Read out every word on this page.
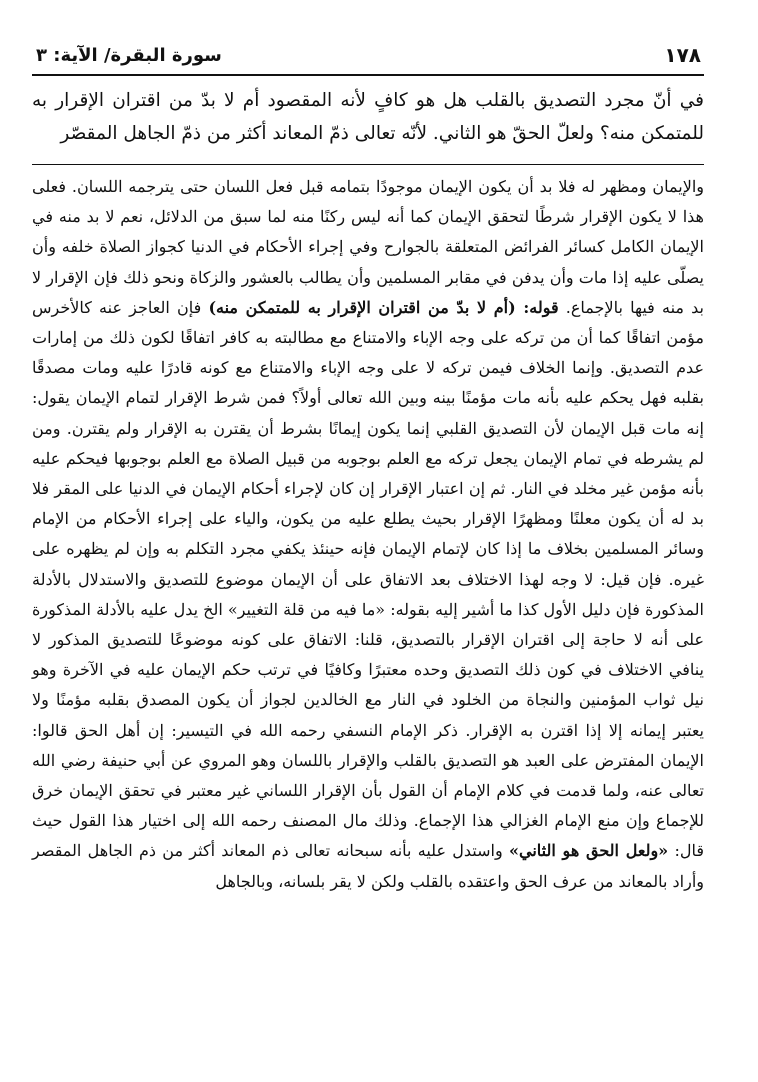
١٧٨
سورة البقرة/ الآية: ٣

في أنّ مجرد التصديق بالقلب هل هو كافٍ لأنه المقصود أم لا بدّ من اقتران الإقرار به للمتمكن منه؟ ولعلّ الحقّ هو الثاني. لأنّه تعالى ذمّ المعاند أكثر من ذمّ الجاهل المقصّر

والإيمان ومظهر له فلا بد أن يكون الإيمان موجودًا بتمامه قبل فعل اللسان حتى يترجمه اللسان. فعلى هذا لا يكون الإقرار شرطًا لتحقق الإيمان كما أنه ليس ركنًا منه لما سبق من الدلائل، نعم لا بد منه في الإيمان الكامل كسائر الفرائض المتعلقة بالجوارح وفي إجراء الأحكام في الدنيا كجواز الصلاة خلفه وأن يصلّى عليه إذا مات وأن يدفن في مقابر المسلمين وأن يطالب بالعشور والزكاة ونحو ذلك فإن الإقرار لا بد منه فيها بالإجماع. قوله: (أم لا بدّ من اقتران الإقرار به للمتمكن منه) فإن العاجز عنه كالأخرس مؤمن اتفاقًا كما أن من تركه على وجه الإباء والامتناع مع مطالبته به كافر اتفاقًا لكون ذلك من إمارات عدم التصديق. وإنما الخلاف فيمن تركه لا على وجه الإباء والامتناع مع كونه قادرًا عليه ومات مصدقًا بقلبه فهل يحكم عليه بأنه مات مؤمنًا بينه وبين الله تعالى أولاً؟ فمن شرط الإقرار لتمام الإيمان يقول: إنه مات قبل الإيمان لأن التصديق القلبي إنما يكون إيمانًا بشرط أن يقترن به الإقرار ولم يقترن. ومن لم يشرطه في تمام الإيمان يجعل تركه مع العلم بوجوبه من قبيل الصلاة مع العلم بوجوبها فيحكم عليه بأنه مؤمن غير مخلد في النار. ثم إن اعتبار الإقرار إن كان لإجراء أحكام الإيمان في الدنيا على المقر فلا بد له أن يكون معلنًا ومظهرًا الإقرار بحيث يطلع عليه من يكون، والياء على إجراء الأحكام من الإمام وسائر المسلمين بخلاف ما إذا كان لإتمام الإيمان فإنه حينئذ يكفي مجرد التكلم به وإن لم يظهره على غيره. فإن قيل: لا وجه لهذا الاختلاف بعد الاتفاق على أن الإيمان موضوع للتصديق والاستدلال بالأدلة المذكورة فإن دليل الأول كذا ما أشير إليه بقوله: «ما فيه من قلة التغيير» الخ يدل عليه بالأدلة المذكورة على أنه لا حاجة إلى اقتران الإقرار بالتصديق، قلنا: الاتفاق على كونه موضوعًا للتصديق المذكور لا ينافي الاختلاف في كون ذلك التصديق وحده معتبرًا وكافيًا في ترتب حكم الإيمان عليه في الآخرة وهو نيل ثواب المؤمنين والنجاة من الخلود في النار مع الخالدين لجواز أن يكون المصدق بقلبه مؤمنًا ولا يعتبر إيمانه إلا إذا اقترن به الإقرار. ذكر الإمام النسفي رحمه الله في التيسير: إن أهل الحق قالوا: الإيمان المفترض على العبد هو التصديق بالقلب والإقرار باللسان وهو المروي عن أبي حنيفة رضي الله تعالى عنه، ولما قدمت في كلام الإمام أن القول بأن الإقرار اللساني غير معتبر في تحقق الإيمان خرق للإجماع وإن منع الإمام الغزالي هذا الإجماع. وذلك مال المصنف رحمه الله إلى اختيار هذا القول حيث قال: «ولعل الحق هو الثاني» واستدل عليه بأنه سبحانه تعالى ذم المعاند أكثر من ذم الجاهل المقصر وأراد بالمعاند من عرف الحق واعتقده بالقلب ولكن لا يقر بلسانه، وبالجاهل
